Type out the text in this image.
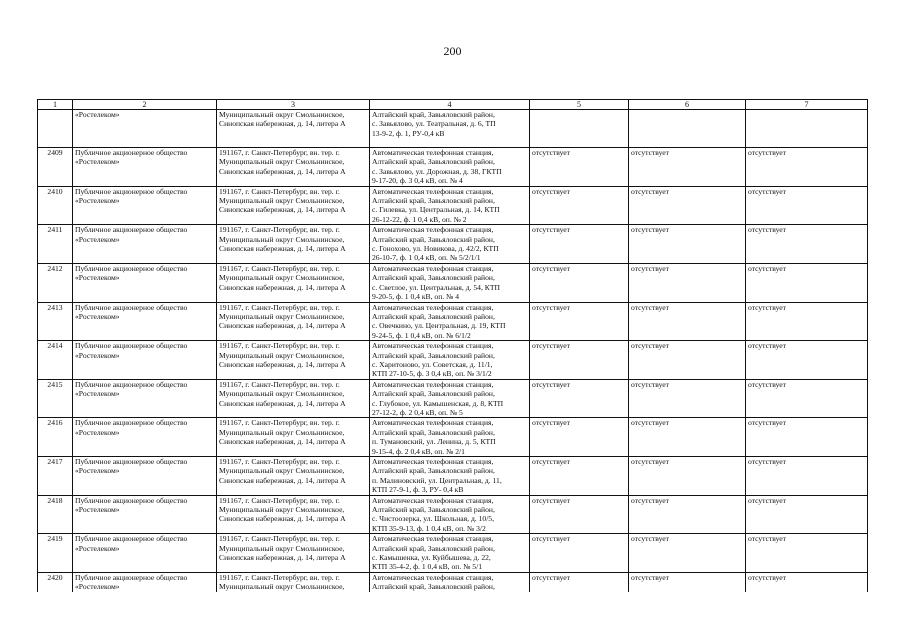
200
1	2	3	4	5	6	7

	«Ростелеком»	Муниципальный округ Смольнинское,
Синопская набережная, д. 14, литера А	Алтайский край, Завьяловский район,
с. Завьялово, ул. Театральная, д. 6, ТП
13-9-2, ф. 1, РУ-0,4 кВ			

2409	Публичное акционерное общество
«Ростелеком»	191167, г. Санкт-Петербург, вн. тер. г.
Муниципальный округ Смольнинское,
Синопская набережная, д. 14, литера А	Автоматическая телефонная станция,
Алтайский край, Завьяловский район,
с. Завьялово, ул. Дорожная, д. 38, ГКТП
9-17-20, ф. 3 0,4 кВ, оп. № 4	отсутствует	отсутствует	отсутствует
2410	Публичное акционерное общество
«Ростелеком»	191167, г. Санкт-Петербург, вн. тер. г.
Муниципальный округ Смольнинское,
Синопская набережная, д. 14, литера А	Автоматическая телефонная станция,
Алтайский край, Завьяловский район,
с. Гилевка, ул. Центральная, д. 14, КТП
26-12-22, ф. 1 0,4 кВ, оп. № 2	отсутствует	отсутствует	отсутствует
2411	Публичное акционерное общество
«Ростелеком»	191167, г. Санкт-Петербург, вн. тер. г.
Муниципальный округ Смольнинское,
Синопская набережная, д. 14, литера А	Автоматическая телефонная станция,
Алтайский край, Завьяловский район,
с. Гонохово, ул. Новикова, д. 42/2, КТП
26-10-7, ф. 1 0,4 кВ, оп. № 5/2/1/1	отсутствует	отсутствует	отсутствует
2412	Публичное акционерное общество
«Ростелеком»	191167, г. Санкт-Петербург, вн. тер. г.
Муниципальный округ Смольнинское,
Синопская набережная, д. 14, литера А	Автоматическая телефонная станция,
Алтайский край, Завьяловский район,
с. Светлое, ул. Центральная, д. 54, КТП
9-20-5, ф. 1 0,4 кВ, оп. № 4	отсутствует	отсутствует	отсутствует
2413	Публичное акционерное общество
«Ростелеком»	191167, г. Санкт-Петербург, вн. тер. г.
Муниципальный округ Смольнинское,
Синопская набережная, д. 14, литера А	Автоматическая телефонная станция,
Алтайский край, Завьяловский район,
с. Овечкино, ул. Центральная, д. 19, КТП
9-24-5, ф. 1 0,4 кВ, оп. № 6/1/2	отсутствует	отсутствует	отсутствует
2414	Публичное акционерное общество
«Ростелеком»	191167, г. Санкт-Петербург, вн. тер. г.
Муниципальный округ Смольнинское,
Синопская набережная, д. 14, литера А	Автоматическая телефонная станция,
Алтайский край, Завьяловский район,
с. Харитоново, ул. Советская, д. 11/1,
КТП 27-10-5, ф. 3 0,4 кВ, оп. № 3/1/2	отсутствует	отсутствует	отсутствует
2415	Публичное акционерное общество
«Ростелеком»	191167, г. Санкт-Петербург, вн. тер. г.
Муниципальный округ Смольнинское,
Синопская набережная, д. 14, литера А	Автоматическая телефонная станция,
Алтайский край, Завьяловский район,
с. Глубокое, ул. Камышенская, д. 8, КТП
27-12-2, ф. 2 0,4 кВ, оп. № 5	отсутствует	отсутствует	отсутствует
2416	Публичное акционерное общество
«Ростелеком»	191167, г. Санкт-Петербург, вн. тер. г.
Муниципальный округ Смольнинское,
Синопская набережная, д. 14, литера А	Автоматическая телефонная станция,
Алтайский край, Завьяловский район,
п. Тумановский, ул. Ленина, д. 5, КТП
9-15-4, ф. 2 0,4 кВ, оп. № 2/1	отсутствует	отсутствует	отсутствует
2417	Публичное акционерное общество
«Ростелеком»	191167, г. Санкт-Петербург, вн. тер. г.
Муниципальный округ Смольнинское,
Синопская набережная, д. 14, литера А	Автоматическая телефонная станция,
Алтайский край, Завьяловский район,
п. Малиновский, ул. Центральная, д. 11,
КТП 27-9-1, ф. 3, РУ- 0,4 кВ	отсутствует	отсутствует	отсутствует
2418	Публичное акционерное общество
«Ростелеком»	191167, г. Санкт-Петербург, вн. тер. г.
Муниципальный округ Смольнинское,
Синопская набережная, д. 14, литера А	Автоматическая телефонная станция,
Алтайский край, Завьяловский район,
с. Чистоозерка, ул. Школьная, д. 10/5,
КТП 35-9-13, ф. 1 0,4 кВ, оп. № 3/2	отсутствует	отсутствует	отсутствует
2419	Публичное акционерное общество
«Ростелеком»	191167, г. Санкт-Петербург, вн. тер. г.
Муниципальный округ Смольнинское,
Синопская набережная, д. 14, литера А	Автоматическая телефонная станция,
Алтайский край, Завьяловский район,
с. Камышенка, ул. Куйбышева, д. 22,
КТП 35-4-2, ф. 1 0,4 кВ, оп. № 5/1	отсутствует	отсутствует	отсутствует
2420	Публичное акционерное общество
«Ростелеком»	191167, г. Санкт-Петербург, вн. тер. г.
Муниципальный округ Смольнинское,	Автоматическая телефонная станция,
Алтайский край, Завьяловский район,	отсутствует	отсутствует	отсутствует
